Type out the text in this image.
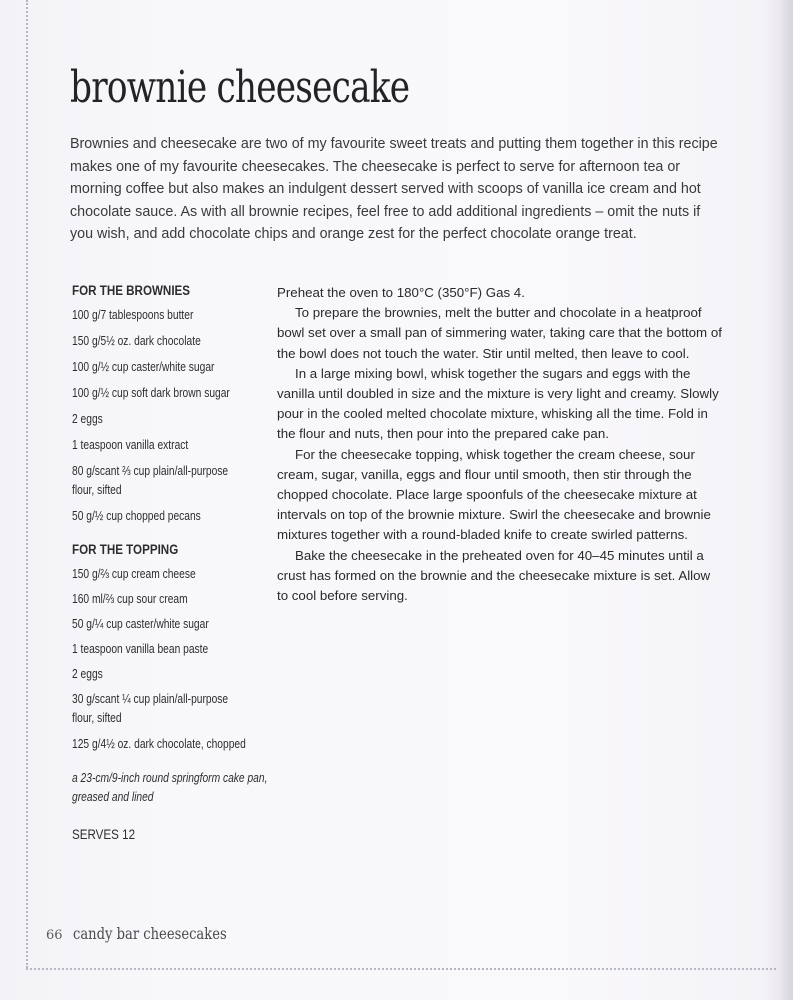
brownie cheesecake

Brownies and cheesecake are two of my favourite sweet treats and putting them together in this recipe makes one of my favourite cheesecakes. The cheesecake is perfect to serve for afternoon tea or morning coffee but also makes an indulgent dessert served with scoops of vanilla ice cream and hot chocolate sauce. As with all brownie recipes, feel free to add additional ingredients – omit the nuts if you wish, and add chocolate chips and orange zest for the perfect chocolate orange treat.

FOR THE BROWNIES
100 g/7 tablespoons butter
150 g/5½ oz. dark chocolate
100 g/½ cup caster/white sugar
100 g/½ cup soft dark brown sugar
2 eggs
1 teaspoon vanilla extract
80 g/scant ⅔ cup plain/all-purpose
flour, sifted
50 g/½ cup chopped pecans
FOR THE TOPPING
150 g/⅔ cup cream cheese
160 ml/⅔ cup sour cream
50 g/¼ cup caster/white sugar
1 teaspoon vanilla bean paste
2 eggs
30 g/scant ¼ cup plain/all-purpose
flour, sifted
125 g/4½ oz. dark chocolate, chopped
a 23-cm/9-inch round springform cake pan,
greased and lined
SERVES 12

Preheat the oven to 180°C (350°F) Gas 4.

To prepare the brownies, melt the butter and chocolate in a heatproof bowl set over a small pan of simmering water, taking care that the bottom of the bowl does not touch the water. Stir until melted, then leave to cool.

In a large mixing bowl, whisk together the sugars and eggs with the vanilla until doubled in size and the mixture is very light and creamy. Slowly pour in the cooled melted chocolate mixture, whisking all the time. Fold in the flour and nuts, then pour into the prepared cake pan.

For the cheesecake topping, whisk together the cream cheese, sour cream, sugar, vanilla, eggs and flour until smooth, then stir through the chopped chocolate. Place large spoonfuls of the cheesecake mixture at intervals on top of the brownie mixture. Swirl the cheesecake and brownie mixtures together with a round-bladed knife to create swirled patterns.

Bake the cheesecake in the preheated oven for 40–45 minutes until a crust has formed on the brownie and the cheesecake mixture is set. Allow to cool before serving.

66 candy bar cheesecakes
